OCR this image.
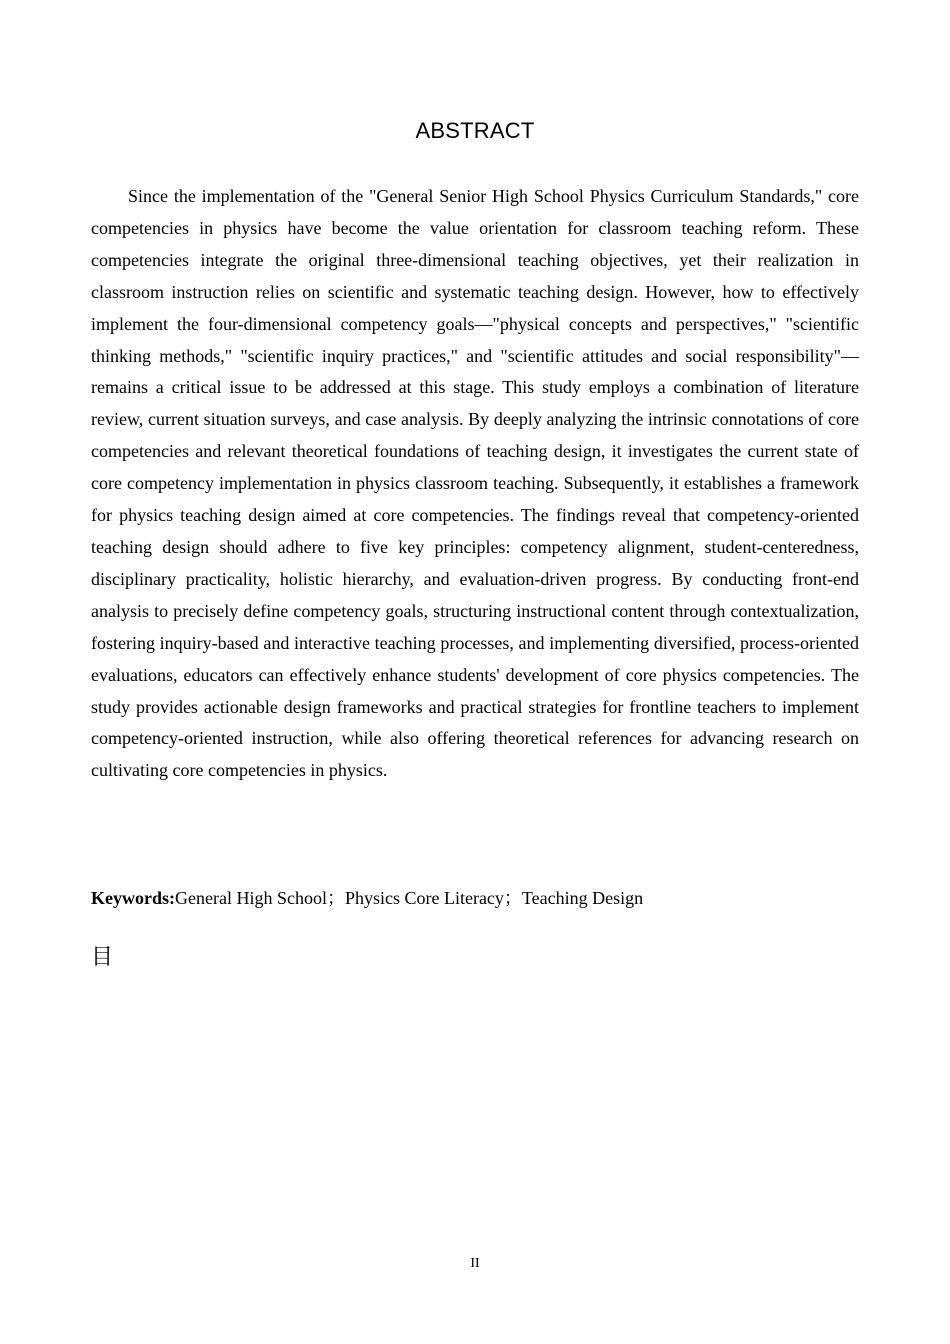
ABSTRACT

Since the implementation of the "General Senior High School Physics Curriculum Standards," core competencies in physics have become the value orientation for classroom teaching reform. These competencies integrate the original three-dimensional teaching objectives, yet their realization in classroom instruction relies on scientific and systematic teaching design. However, how to effectively implement the four-dimensional competency goals—"physical concepts and perspectives," "scientific thinking methods," "scientific inquiry practices," and "scientific attitudes and social responsibility"—remains a critical issue to be addressed at this stage. This study employs a combination of literature review, current situation surveys, and case analysis. By deeply analyzing the intrinsic connotations of core competencies and relevant theoretical foundations of teaching design, it investigates the current state of core competency implementation in physics classroom teaching. Subsequently, it establishes a framework for physics teaching design aimed at core competencies. The findings reveal that competency-oriented teaching design should adhere to five key principles: competency alignment, student-centeredness, disciplinary practicality, holistic hierarchy, and evaluation-driven progress. By conducting front-end analysis to precisely define competency goals, structuring instructional content through contextualization, fostering inquiry-based and interactive teaching processes, and implementing diversified, process-oriented evaluations, educators can effectively enhance students' development of core physics competencies. The study provides actionable design frameworks and practical strategies for frontline teachers to implement competency-oriented instruction, while also offering theoretical references for advancing research on cultivating core competencies in physics.

Keywords:General High School；Physics Core Literacy；Teaching Design
目
II
